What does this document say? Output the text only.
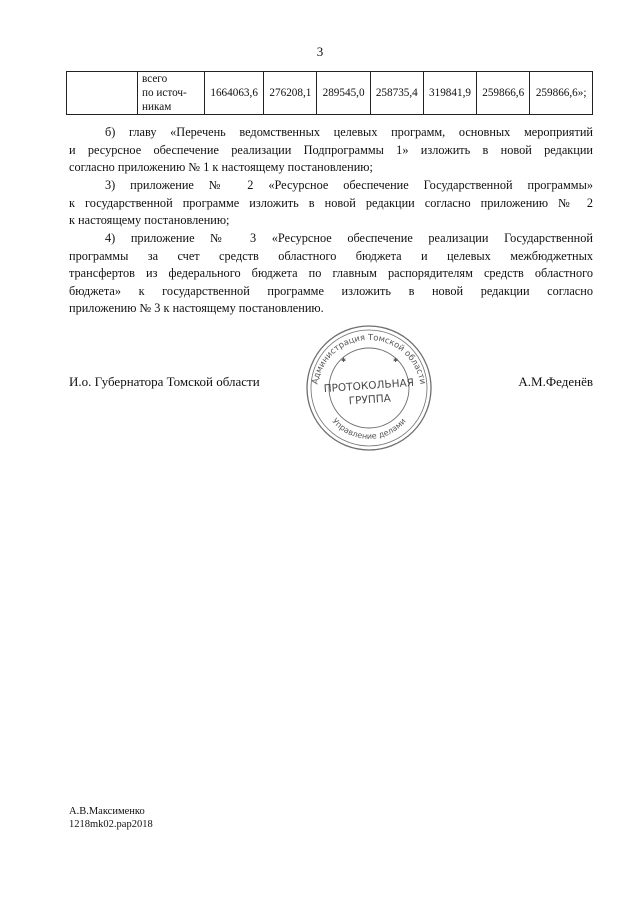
3

всего
по источ-
никам
	1664063,6	276208,1	289545,0	258735,4	319841,9	259866,6	259866,6»;
б) главу «Перечень ведомственных целевых программ, основных мероприятий
и ресурсное обеспечение реализации Подпрограммы 1» изложить в новой редакции
согласно приложению № 1 к настоящему постановлению;
3) приложение № 2 «Ресурсное обеспечение Государственной программы»
к государственной программе изложить в новой редакции согласно приложению № 2
к настоящему постановлению;
4) приложение № 3 «Ресурсное обеспечение реализации Государственной
программы за счет средств областного бюджета и целевых межбюджетных
трансфертов из федерального бюджета по главным распорядителям средств областного
бюджета» к государственной программе изложить в новой редакции согласно
приложению № 3 к настоящему постановлению.
И.о. Губернатора Томской области	А.М.Феденёв
Администрация Томской области
Управление делами
✱	✱
ПРОТОКОЛЬНАЯ
ГРУППА
А.В.Максименко
1218mk02.pap2018
